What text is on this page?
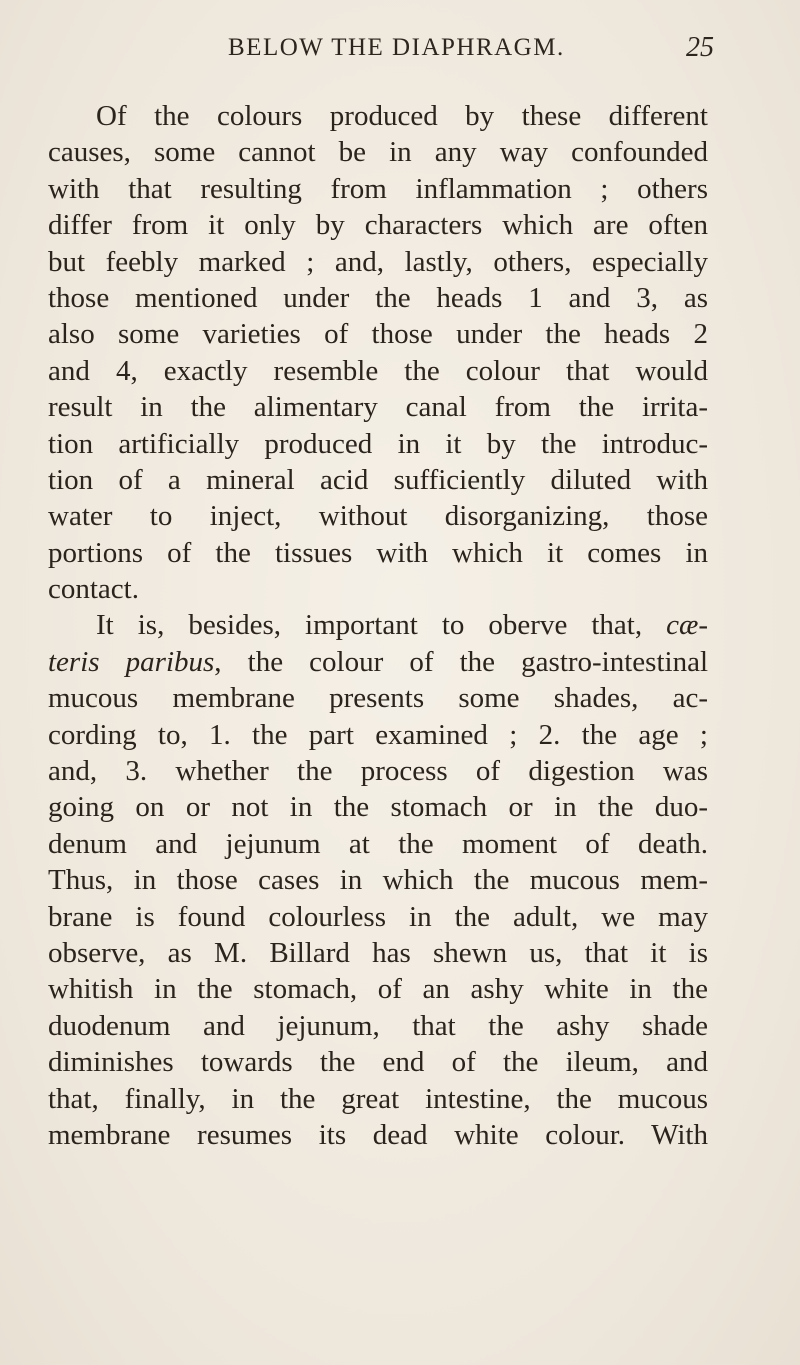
BELOW THE DIAPHRAGM.	25
Of the colours produced by these different
causes, some cannot be in any way confounded
with that resulting from inflammation ; others
differ from it only by characters which are often
but feebly marked ; and, lastly, others, especially
those mentioned under the heads 1 and 3, as
also some varieties of those under the heads 2
and 4, exactly resemble the colour that would
result in the alimentary canal from the irrita-
tion artificially produced in it by the introduc-
tion of a mineral acid sufficiently diluted with
water to inject, without disorganizing, those
portions of the tissues with which it comes in
contact.
It is, besides, important to oberve that, cæ-
teris paribus, the colour of the gastro-intestinal
mucous membrane presents some shades, ac-
cording to, 1. the part examined ; 2. the age ;
and, 3. whether the process of digestion was
going on or not in the stomach or in the duo-
denum and jejunum at the moment of death.
Thus, in those cases in which the mucous mem-
brane is found colourless in the adult, we may
observe, as M. Billard has shewn us, that it is
whitish in the stomach, of an ashy white in the
duodenum and jejunum, that the ashy shade
diminishes towards the end of the ileum, and
that, finally, in the great intestine, the mucous
membrane resumes its dead white colour. With
